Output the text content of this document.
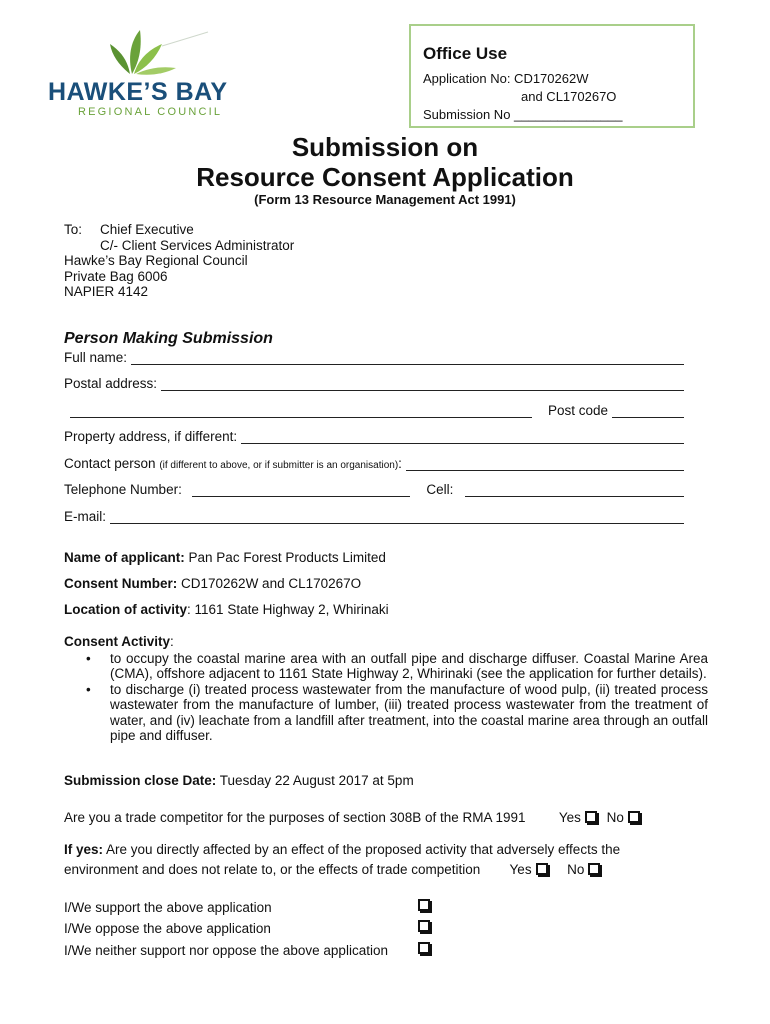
HAWKE’S BAY
REGIONAL COUNCIL
Office Use
Application No: CD170262W
and CL170267O
Submission No _______________
Submission on
Resource Consent Application
(Form 13 Resource Management Act 1991)
To: Chief Executive
C/- Client Services Administrator
Hawke’s Bay Regional Council
Private Bag 6006
NAPIER 4142
Person Making Submission
Full name:
Postal address:
Post code
Property address, if different:
Contact person
(if different to above, or if submitter is an organisation) :
Telephone Number:	Cell:
E-mail:
Name of applicant: Pan Pac Forest Products Limited
Consent Number: CD170262W and CL170267O
Location of activity: 1161 State Highway 2, Whirinaki
Consent Activity:
• to occupy the coastal marine area with an outfall pipe and discharge diffuser. Coastal Marine Area (CMA), offshore adjacent to 1161 State Highway 2, Whirinaki (see the application for further details).
• to discharge (i) treated process wastewater from the manufacture of wood pulp, (ii) treated process wastewater from the manufacture of lumber, (iii) treated process wastewater from the treatment of water, and (iv) leachate from a landfill after treatment, into the coastal marine area through an outfall pipe and diffuser.
Submission close Date: Tuesday 22 August 2017 at 5pm
Are you a trade competitor for the purposes of section 308B of the RMA 1991 Yes No
If yes: Are you directly affected by an effect of the proposed activity that adversely effects the
environment and does not relate to, or the effects of trade competition Yes	No
I/We support the above application
I/We oppose the above application
I/We neither support nor oppose the above application
